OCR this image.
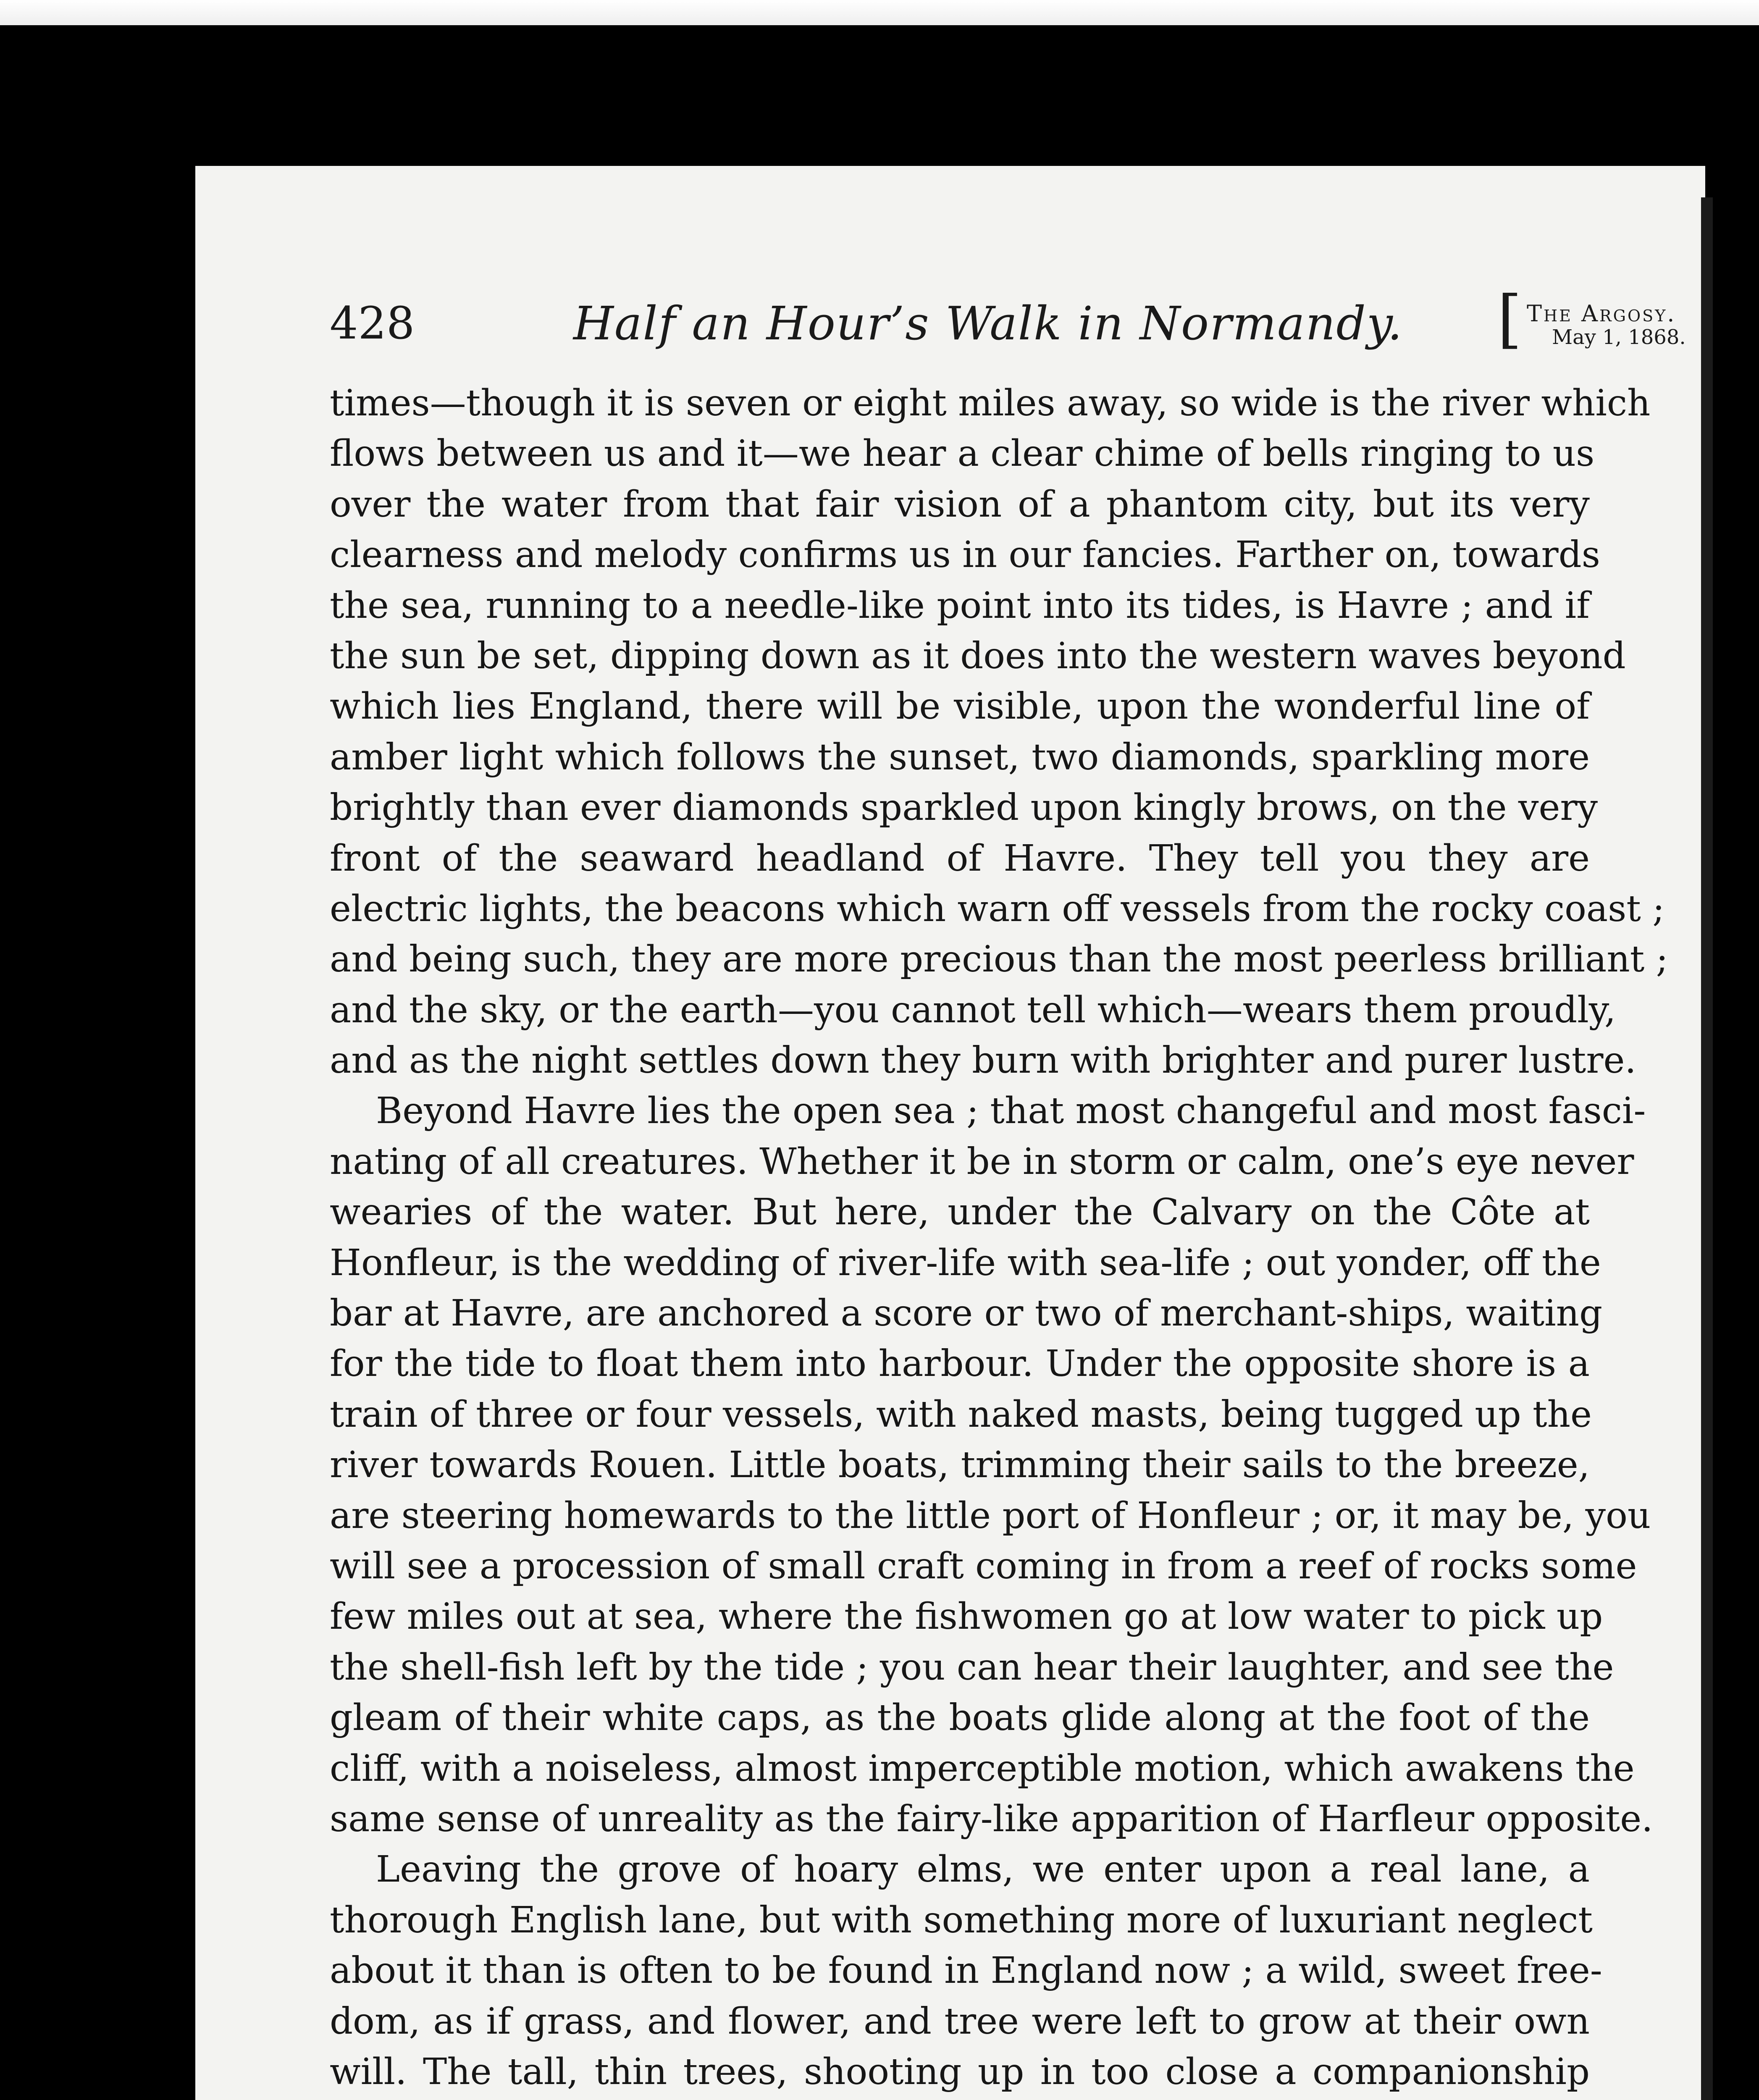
428	Half an Hour’s Walk in Normandy. [ The Argosy.
May 1, 1868.
times—though it is seven or eight miles away, so wide is the river which
flows between us and it—we hear a clear chime of bells ringing to us
over the water from that fair vision of a phantom city, but its very
clearness and melody confirms us in our fancies. Farther on, towards
the sea, running to a needle-like point into its tides, is Havre ; and if
the sun be set, dipping down as it does into the western waves beyond
which lies England, there will be visible, upon the wonderful line of
amber light which follows the sunset, two diamonds, sparkling more
brightly than ever diamonds sparkled upon kingly brows, on the very
front of the seaward headland of Havre. They tell you they are
electric lights, the beacons which warn off vessels from the rocky coast ;
and being such, they are more precious than the most peerless brilliant ;
and the sky, or the earth—you cannot tell which—wears them proudly,
and as the night settles down they burn with brighter and purer lustre.
Beyond Havre lies the open sea ; that most changeful and most fasci-
nating of all creatures. Whether it be in storm or calm, one’s eye never
wearies of the water. But here, under the Calvary on the Côte at
Honfleur, is the wedding of river-life with sea-life ; out yonder, off the
bar at Havre, are anchored a score or two of merchant-ships, waiting
for the tide to float them into harbour. Under the opposite shore is a
train of three or four vessels, with naked masts, being tugged up the
river towards Rouen. Little boats, trimming their sails to the breeze,
are steering homewards to the little port of Honfleur ; or, it may be, you
will see a procession of small craft coming in from a reef of rocks some
few miles out at sea, where the fishwomen go at low water to pick up
the shell-fish left by the tide ; you can hear their laughter, and see the
gleam of their white caps, as the boats glide along at the foot of the
cliff, with a noiseless, almost imperceptible motion, which awakens the
same sense of unreality as the fairy-like apparition of Harfleur opposite.
Leaving the grove of hoary elms, we enter upon a real lane, a
thorough English lane, but with something more of luxuriant neglect
about it than is often to be found in England now ; a wild, sweet free-
dom, as if grass, and flower, and tree were left to grow at their own
will. The tall, thin trees, shooting up in too close a companionship
